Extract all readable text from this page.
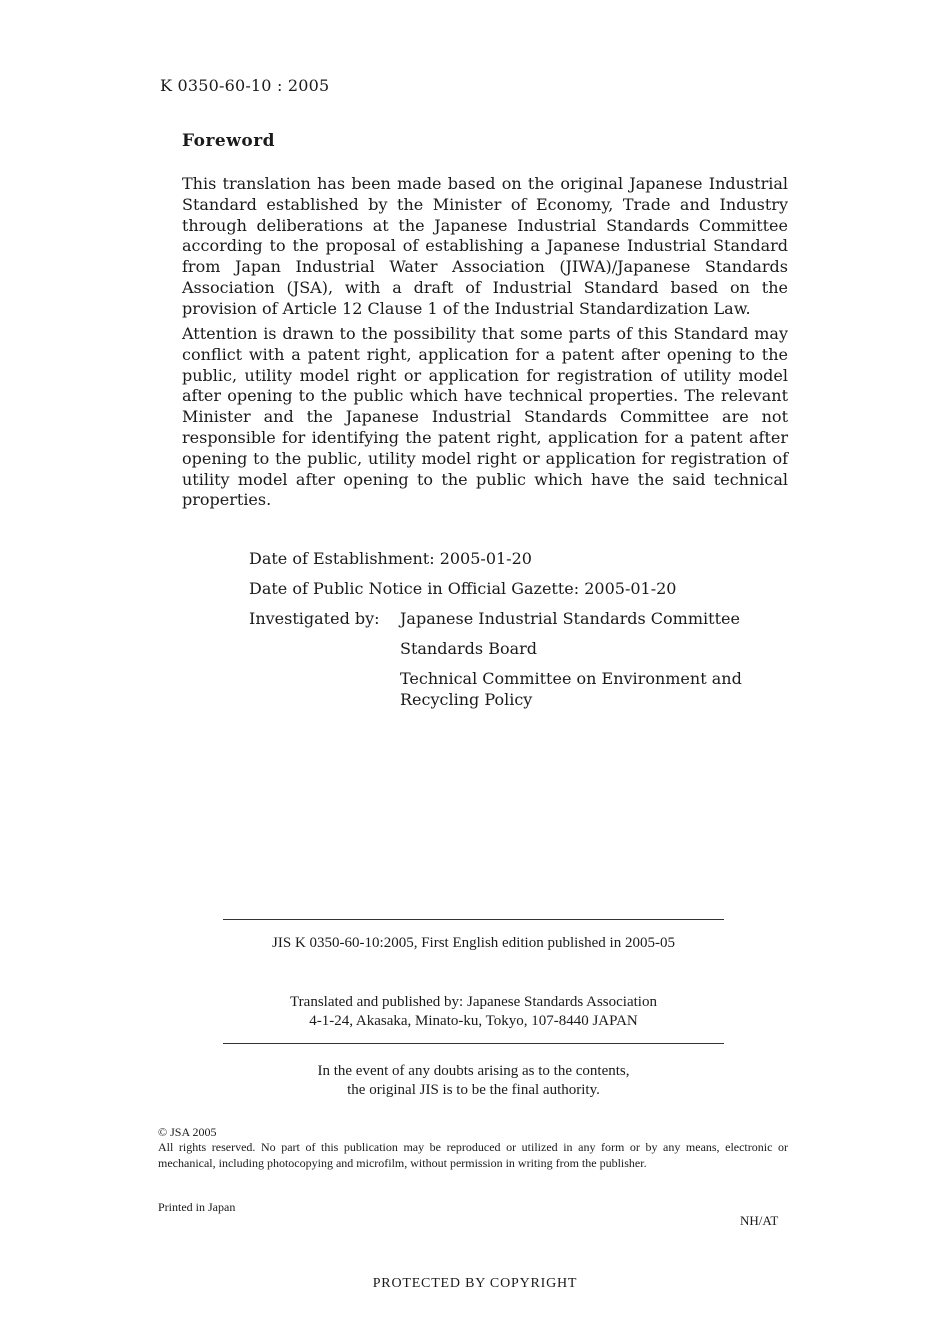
K 0350-60-10 : 2005
Foreword
This translation has been made based on the original Japanese Industrial Standard established by the Minister of Economy, Trade and Industry through deliberations at the Japanese Industrial Standards Committee according to the proposal of establishing a Japanese Industrial Standard from Japan Industrial Water Association (JIWA)/Japanese Standards Association (JSA), with a draft of Industrial Standard based on the provision of Article 12 Clause 1 of the Industrial Standardization Law.
Attention is drawn to the possibility that some parts of this Standard may conflict with a patent right, application for a patent after opening to the public, utility model right or application for registration of utility model after opening to the public which have technical properties. The relevant Minister and the Japanese Industrial Standards Committee are not responsible for identifying the patent right, application for a patent after opening to the public, utility model right or application for registration of utility model after opening to the public which have the said technical properties.
Date of Establishment: 2005-01-20
Date of Public Notice in Official Gazette: 2005-01-20
Investigated by: Japanese Industrial Standards Committee
Standards Board
Technical Committee on Environment and Recycling Policy
JIS K 0350-60-10:2005, First English edition published in 2005-05
Translated and published by: Japanese Standards Association
4-1-24, Akasaka, Minato-ku, Tokyo, 107-8440 JAPAN
In the event of any doubts arising as to the contents,
the original JIS is to be the final authority.
© JSA 2005
All rights reserved. No part of this publication may be reproduced or utilized in any form or by any means, electronic or mechanical, including photocopying and microfilm, without permission in writing from the publisher.
Printed in Japan
NH/AT
PROTECTED BY COPYRIGHT
